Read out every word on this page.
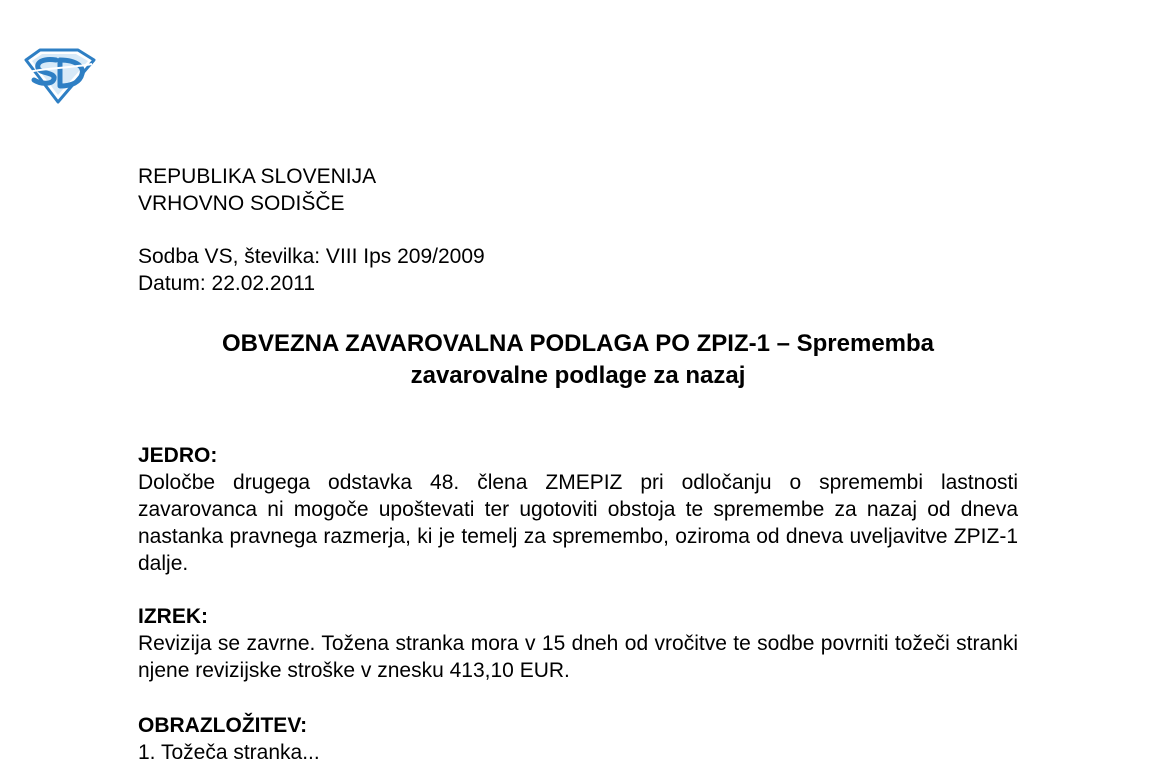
REPUBLIKA SLOVENIJA
VRHOVNO SODIŠČE
Sodba VS, številka: VIII Ips 209/2009
Datum: 22.02.2011
OBVEZNA ZAVAROVALNA PODLAGA PO ZPIZ-1 – Sprememba
zavarovalne podlage za nazaj
JEDRO:
Določbe drugega odstavka 48. člena ZMEPIZ pri odločanju o spremembi lastnosti zavarovanca ni mogoče upoštevati ter ugotoviti obstoja te spremembe za nazaj od dneva nastanka pravnega razmerja, ki je temelj za spremembo, oziroma od dneva uveljavitve ZPIZ-1 dalje.
IZREK:
Revizija se zavrne. Tožena stranka mora v 15 dneh od vročitve te sodbe povrniti tožeči stranki njene revizijske stroške v znesku 413,10 EUR.
OBRAZLOŽITEV:
1. Tožeča stranka...
